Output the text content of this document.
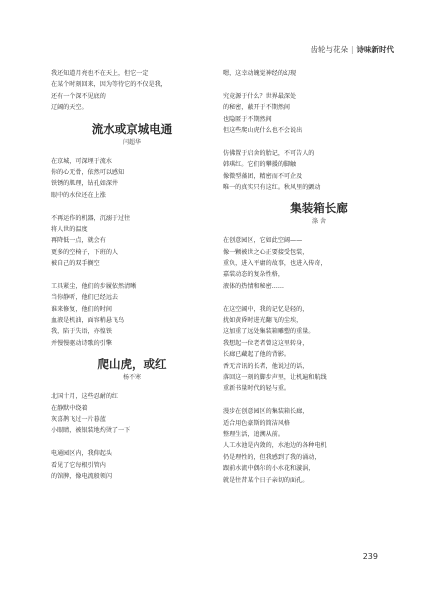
齿轮与花朵 | 诗味新时代
我还知道月亮也不在天上，但它一定
在某个时刻回来，因为等待它的不仅是我，
还有一个深不见底的
辽阔的天空。
流水或京城电通
闫超华
在京城，可深埋于流水
你的心无骨，依然可以感知
铁锈的肌理，钻孔如深井
眼中的水位还在上涨
不再运作的机器，沉溺于过往
将人世的温度
再降低一点，就会有
更多的空椅子，下班的人
被自己的双手搁空
工具紧尘，他们的步履依然清晰
当你静听，他们已经远去
谁来修复，他们的时间
血液是机油，面容稍悬飞鸟
我，陷于失语，亦惶铁
并慢慢驱动诗歌的引擎
爬山虎，或红
杨不寒
北国十月，这些忍耐的红
在静默中绕着
灰喜鹊飞过一片暮蓝
小眼睛，被银装地灼烫了一下
电通园区内，我仰起头
看见了它每根引管内
的馆脾，像电流般领闪
嗯，这幸动魄觉神经的幻现
究竟源于什么？世界最深处
的秘密，蔽开于不期然间
也隐匿于不期然间
但这些爬山虎什么也不会说出
仿佛置于启舍的胎记，不可告人的
韩琪红。它们的攀援的脚触
像微型藻团，精密而不可企及
唯一的真实只有这红。秋风里的颤动
集装箱长廊
涤 舍
在创意园区，它如此空阔——
像一颗被世之心正要接受包装，
重负，进入平庸的故事，也进入传奇，
嘉装动态的复杂性格，
液体的热情和秘密……
在这空阔中，我的记忆是轻的，
扰如黄昏时进光翻飞的尘埃，
这加重了远处集装箱雕塑的重量。
我想起一位老者曾这这里转身，
长廊已藏起了他的背影。
香无音讯的长者，他说过的话，
落回这一刻的脚步声里，让机遍和航线
重新书量时代的轻与重。
漫步在创意园区的集装箱长廊，
适合用色豪斯的简洁风格
整理生活，追溯从前。
人工水池是内敛的，水池边的各种电机
仍是理性的，但我感到了我的涌动，
跟前水流中偶尔的小水花和漩涡，
就是往昔某个日子亲切的面孔。
239
